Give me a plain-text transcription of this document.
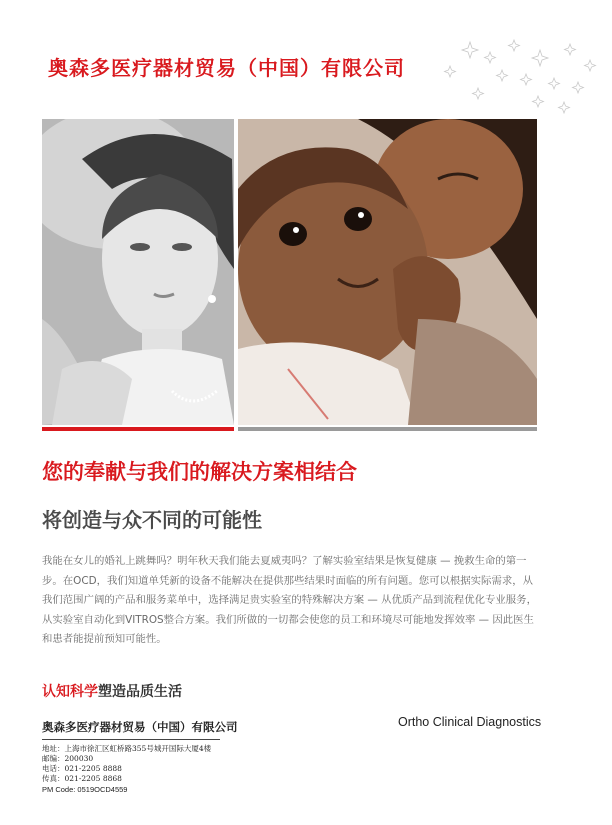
奥森多医疗器材贸易（中国）有限公司
您的奉献与我们的解决方案相结合
将创造与众不同的可能性

我能在女儿的婚礼上跳舞吗？明年秋天我们能去夏威夷吗？了解实验室结果是恢复健康 — 挽救生命的第一步。在OCD，我们知道单凭新的设备不能解决在提供那些结果时面临的所有问题。您可以根据实际需求，从我们范围广阔的产品和服务菜单中，选择满足贵实验室的特殊解决方案 — 从优质产品到流程优化专业服务，从实验室自动化到VITROS整合方案。我们所做的一切都会使您的员工和环境尽可能地发挥效率 — 因此医生和患者能提前预知可能性。

认知科学塑造品质生活
奥森多医疗器材贸易（中国）有限公司
地址：上海市徐汇区虹桥路355号城开国际大厦4楼
邮编：200030
电话：021-2205 8888
传真：021-2205 8868
PM Code: 0519OCD4559
Ortho Clinical Diagnostics
